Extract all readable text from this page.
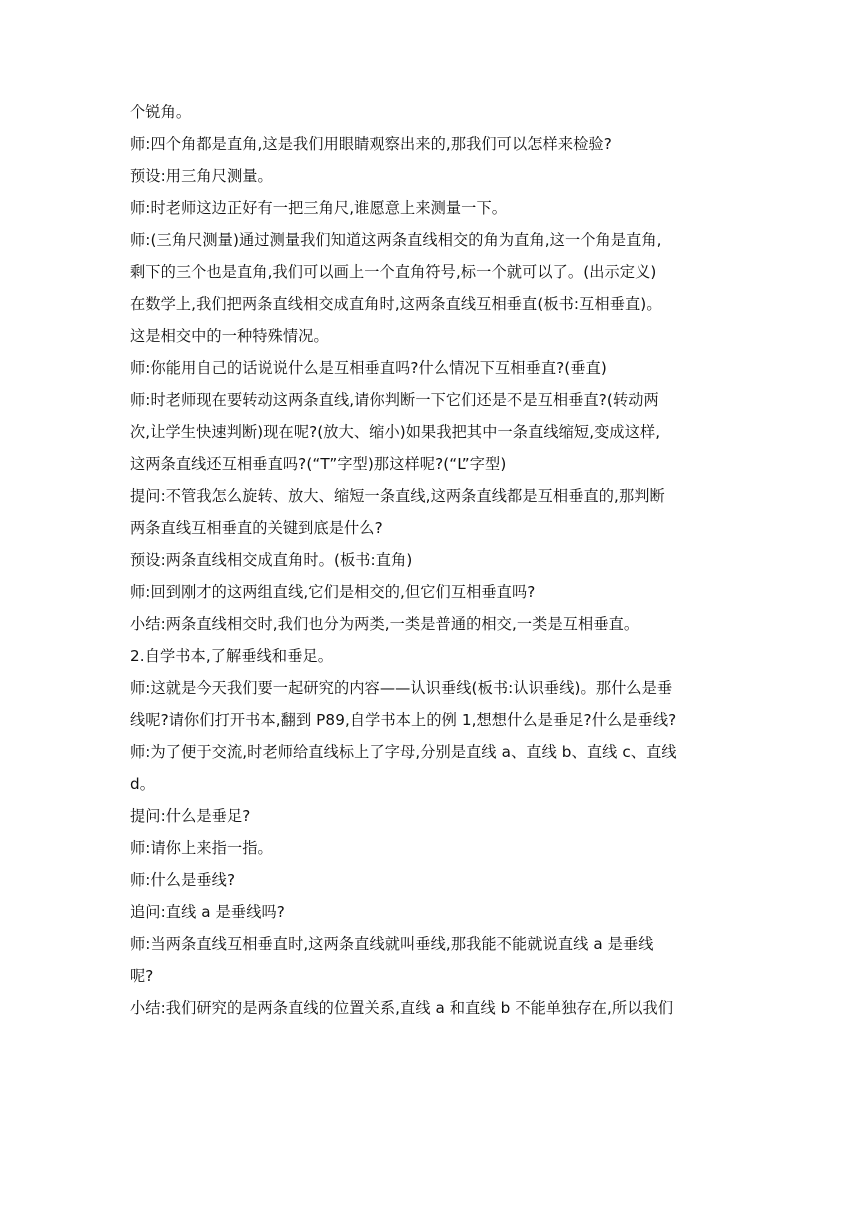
个锐角。
师:四个角都是直角,这是我们用眼睛观察出来的,那我们可以怎样来检验?
预设:用三角尺测量。
师:时老师这边正好有一把三角尺,谁愿意上来测量一下。
师:(三角尺测量)通过测量我们知道这两条直线相交的角为直角,这一个角是直角,
剩下的三个也是直角,我们可以画上一个直角符号,标一个就可以了。(出示定义)
在数学上,我们把两条直线相交成直角时,这两条直线互相垂直(板书:互相垂直)。
这是相交中的一种特殊情况。
师:你能用自己的话说说什么是互相垂直吗?什么情况下互相垂直?(垂直)
师:时老师现在要转动这两条直线,请你判断一下它们还是不是互相垂直?(转动两
次,让学生快速判断)现在呢?(放大、缩小)如果我把其中一条直线缩短,变成这样,
这两条直线还互相垂直吗?(“T”字型)那这样呢?(“L”字型)
提问:不管我怎么旋转、放大、缩短一条直线,这两条直线都是互相垂直的,那判断
两条直线互相垂直的关键到底是什么?
预设:两条直线相交成直角时。(板书:直角)
师:回到刚才的这两组直线,它们是相交的,但它们互相垂直吗?
小结:两条直线相交时,我们也分为两类,一类是普通的相交,一类是互相垂直。
2.自学书本,了解垂线和垂足。
师:这就是今天我们要一起研究的内容——认识垂线(板书:认识垂线)。那什么是垂
线呢?请你们打开书本,翻到 P89,自学书本上的例 1,想想什么是垂足?什么是垂线?
师:为了便于交流,时老师给直线标上了字母,分别是直线 a、直线 b、直线 c、直线
d。
提问:什么是垂足?
师:请你上来指一指。
师:什么是垂线?
追问:直线 a 是垂线吗?
师:当两条直线互相垂直时,这两条直线就叫垂线,那我能不能就说直线 a 是垂线
呢?
小结:我们研究的是两条直线的位置关系,直线 a 和直线 b 不能单独存在,所以我们
